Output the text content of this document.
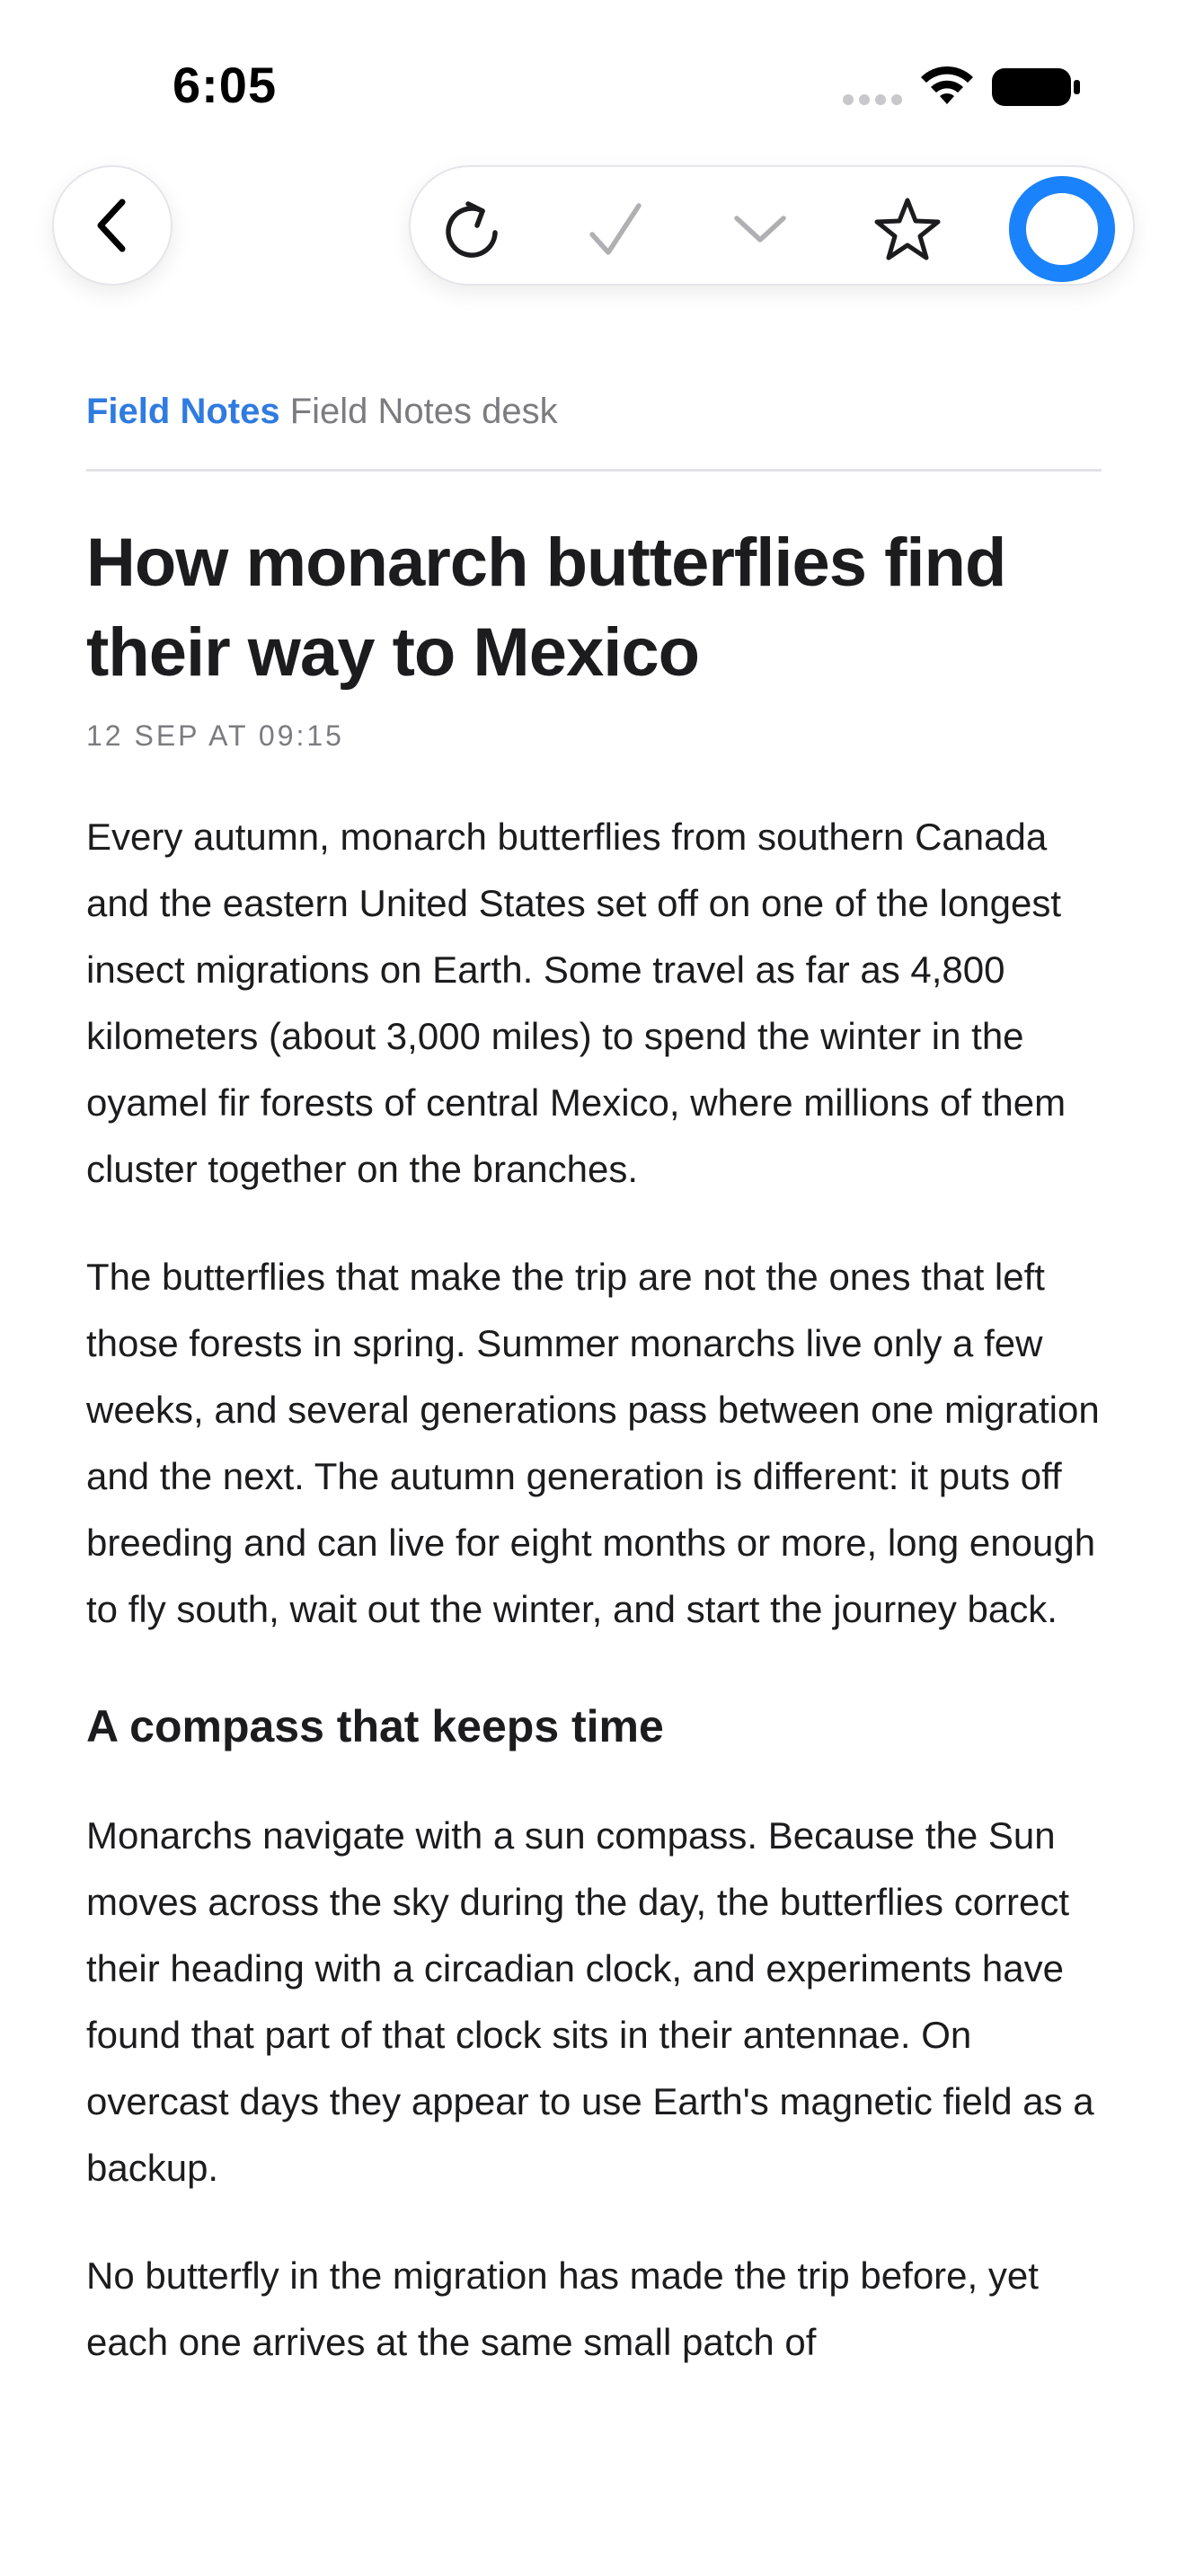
6:05
Field Notes Field Notes desk
How monarch butterflies find their way to Mexico
12 SEP AT 09:15

Every autumn, monarch butterflies from southern Canada and the eastern United States set off on one of the longest insect migrations on Earth. Some travel as far as 4,800 kilometers (about 3,000 miles) to spend the winter in the oyamel fir forests of central Mexico, where millions of them cluster together on the branches.

The butterflies that make the trip are not the ones that left those forests in spring. Summer monarchs live only a few weeks, and several generations pass between one migration and the next. The autumn generation is different: it puts off breeding and can live for eight months or more, long enough to fly south, wait out the winter, and start the journey back.

A compass that keeps time

Monarchs navigate with a sun compass. Because the Sun moves across the sky during the day, the butterflies correct their heading with a circadian clock, and experiments have found that part of that clock sits in their antennae. On overcast days they appear to use Earth's magnetic field as a backup.

No butterfly in the migration has made the trip before, yet each one arrives at the same small patch of
